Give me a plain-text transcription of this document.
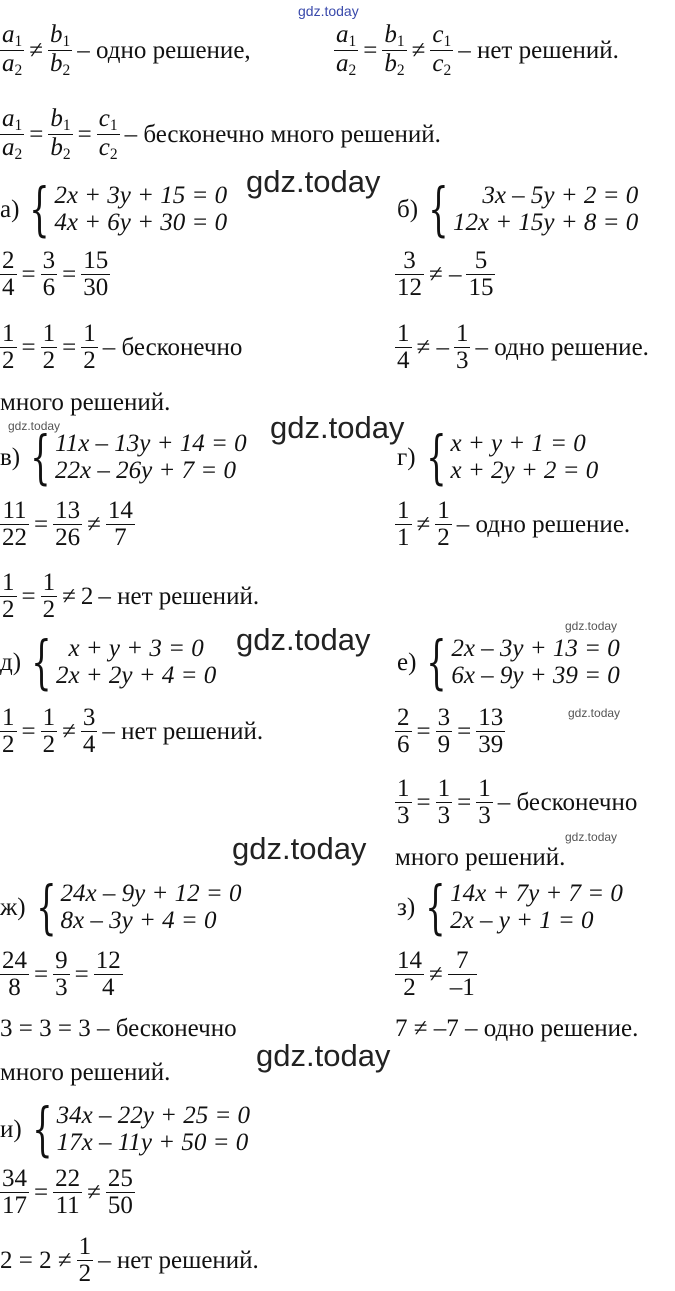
gdz.today
gdz.today
gdz.today	gdz.today
gdz.today	gdz.today
gdz.today
gdz.today
gdz.today
gdz.today
$\frac{a_1}{a_2} \ne \frac{b_1}{b_2}$ – одно решение,	$\frac{a_1}{a_2} = \frac{b_1}{b_2} \ne \frac{c_1}{c_2}$ – нет решений.
$\frac{a_1}{a_2} = \frac{b_1}{b_2} = \frac{c_1}{c_2}$ – бесконечно много решений.
а) { 2x + 3y + 15 = 0
4x + 6y + 30 = 0
$\frac{2}{4} = \frac{3}{6} = \frac{15}{30}$
$\frac{1}{2} = \frac{1}{2} = \frac{1}{2}$ – бесконечно
много решений.
б) { 3x – 5y + 2 = 0
12x + 15y + 8 = 0
$\frac{3}{12}$ ≠ – $\frac{5}{15}$
$\frac{1}{4}$ ≠ – $\frac{1}{3}$ – одно решение.
в) { 11x – 13y + 14 = 0
22x – 26y + 7 = 0
$\frac{11}{22} = \frac{13}{26} \ne \frac{14}{7}$
$\frac{1}{2} = \frac{1}{2} \ne 2$ – нет решений.
г) { x + y + 1 = 0
x + 2y + 2 = 0
$\frac{1}{1} \ne \frac{1}{2}$ – одно решение.
д) { x + y + 3 = 0
2x + 2y + 4 = 0
$\frac{1}{2} = \frac{1}{2} \ne \frac{3}{4}$ – нет решений.
е) { 2x – 3y + 13 = 0
6x – 9y + 39 = 0
$\frac{2}{6} = \frac{3}{9} = \frac{13}{39}$
$\frac{1}{3} = \frac{1}{3} = \frac{1}{3}$ – бесконечно
много решений.
ж) { 24x – 9y + 12 = 0
8x – 3y + 4 = 0
$\frac{24}{8} = \frac{9}{3} = \frac{12}{4}$
3 = 3 = 3 – бесконечно
много решений.
з) { 14x + 7y + 7 = 0
2x – y + 1 = 0
$\frac{14}{2} \ne \frac{7}{-1}$
7 ≠ –7 – одно решение.
и) { 34x – 22y + 25 = 0
17x – 11y + 50 = 0
$\frac{34}{17} = \frac{22}{11} \ne \frac{25}{50}$
$2 = 2 \ne \frac{1}{2}$ – нет решений.
